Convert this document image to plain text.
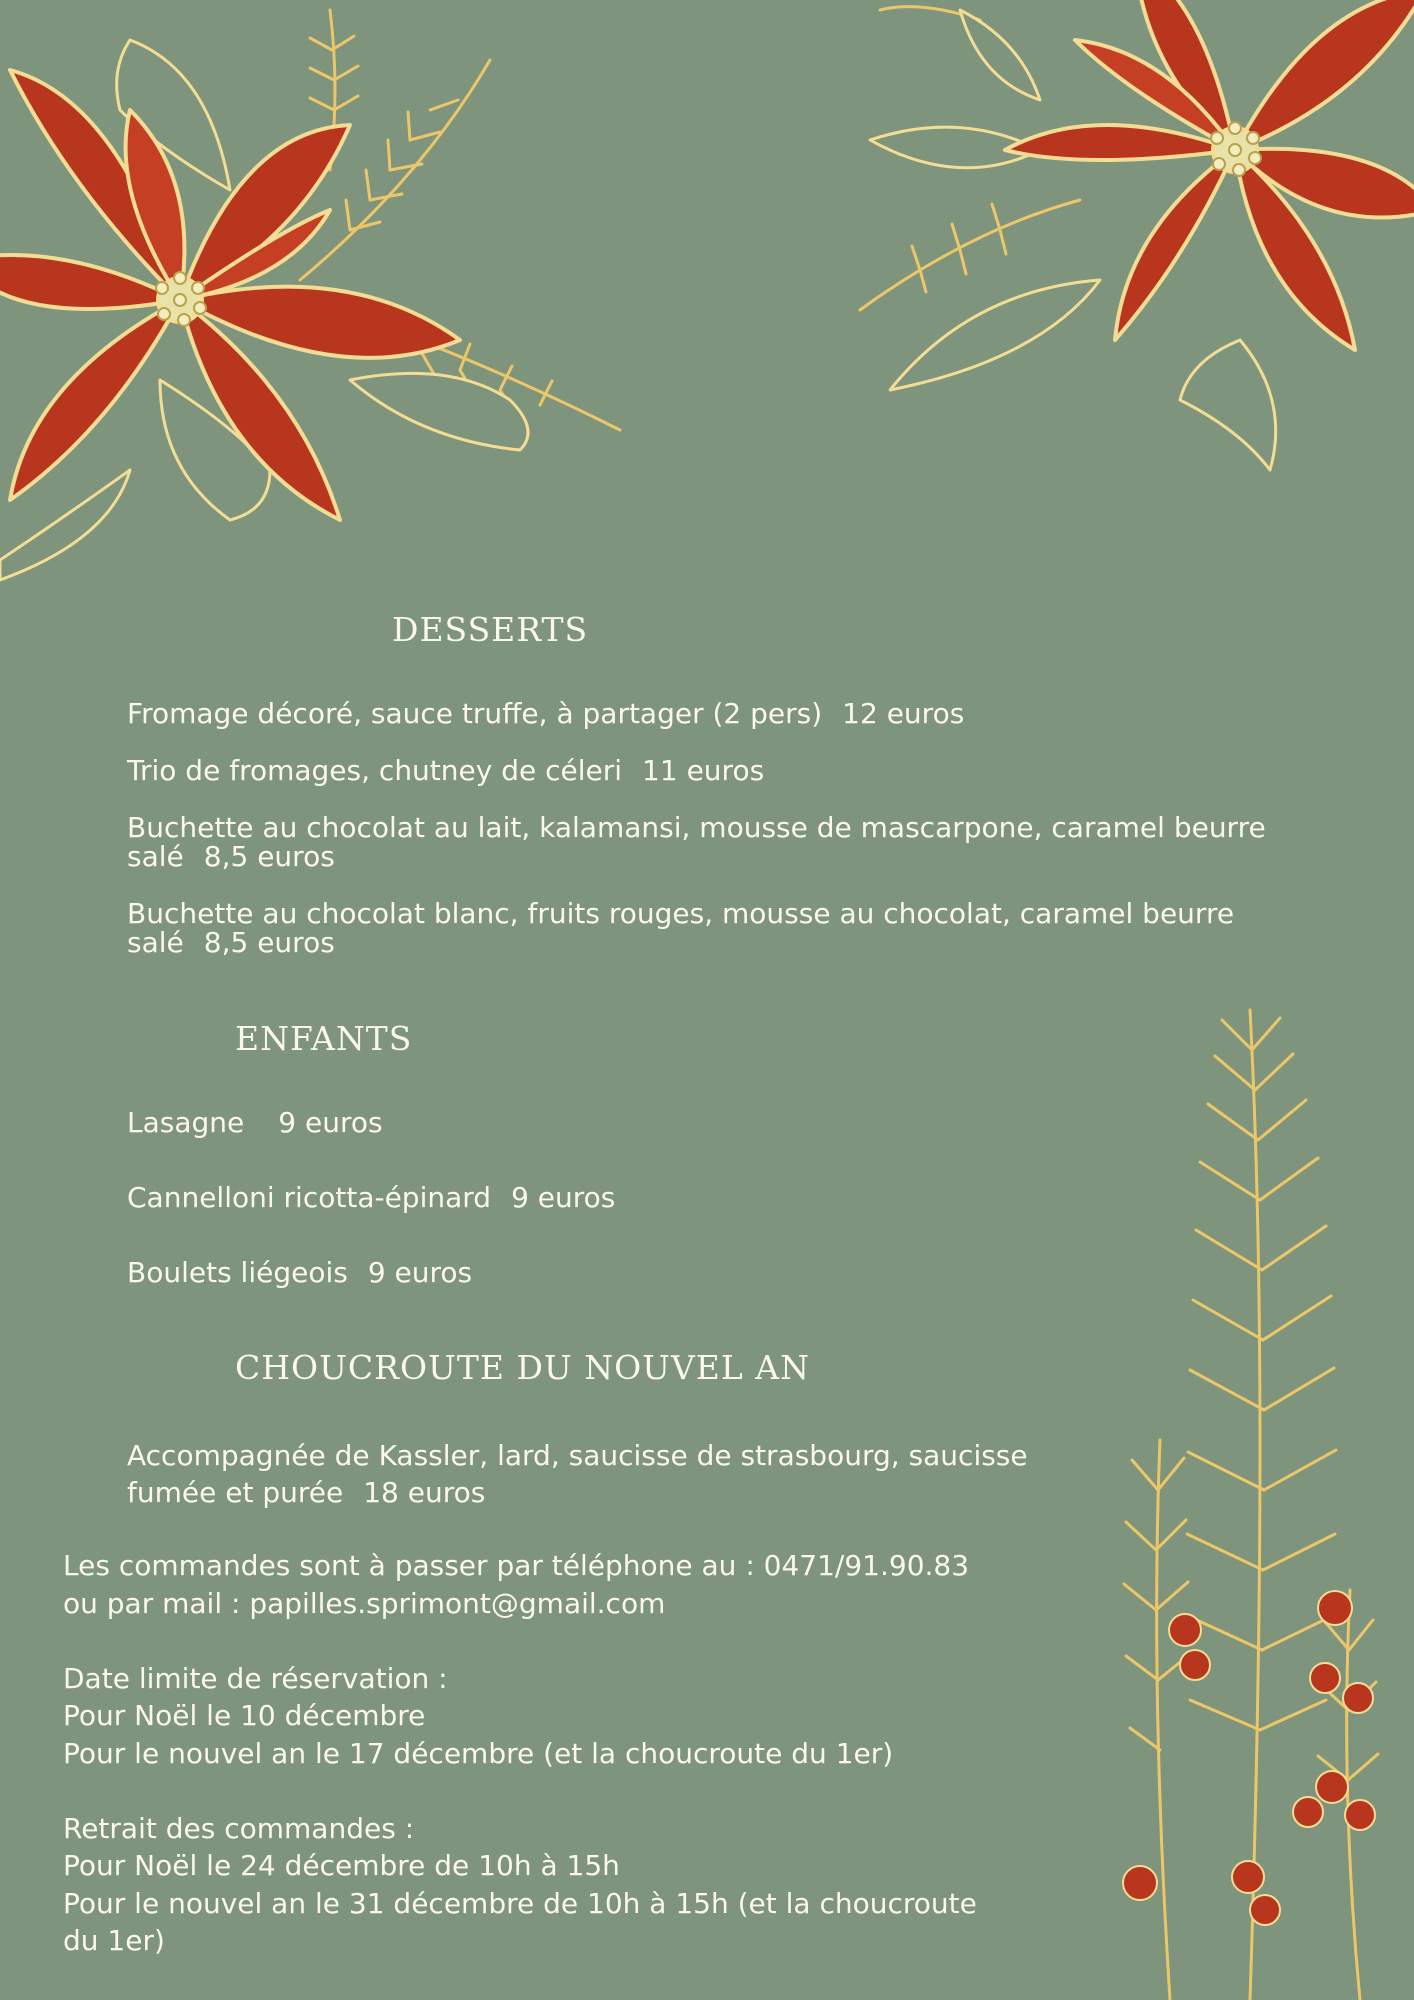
DESSERTS

Fromage décoré, sauce truffe, à partager (2 pers) 12 euros

Trio de fromages, chutney de céleri 11 euros

Buchette au chocolat au lait, kalamansi, mousse de mascarpone, caramel beurre salé 8,5 euros

Buchette au chocolat blanc, fruits rouges, mousse au chocolat, caramel beurre salé 8,5 euros

ENFANTS

Lasagne 9 euros

Cannelloni ricotta-épinard 9 euros

Boulets liégeois 9 euros

CHOUCROUTE DU NOUVEL AN

Accompagnée de Kassler, lard, saucisse de strasbourg, saucisse fumée et purée 18 euros

Les commandes sont à passer par téléphone au : 0471/91.90.83
ou par mail : papilles.sprimont@gmail.com
Date limite de réservation :
Pour Noël le 10 décembre
Pour le nouvel an le 17 décembre (et la choucroute du 1er)
Retrait des commandes :
Pour Noël le 24 décembre de 10h à 15h
Pour le nouvel an le 31 décembre de 10h à 15h (et la choucroute du 1er)
